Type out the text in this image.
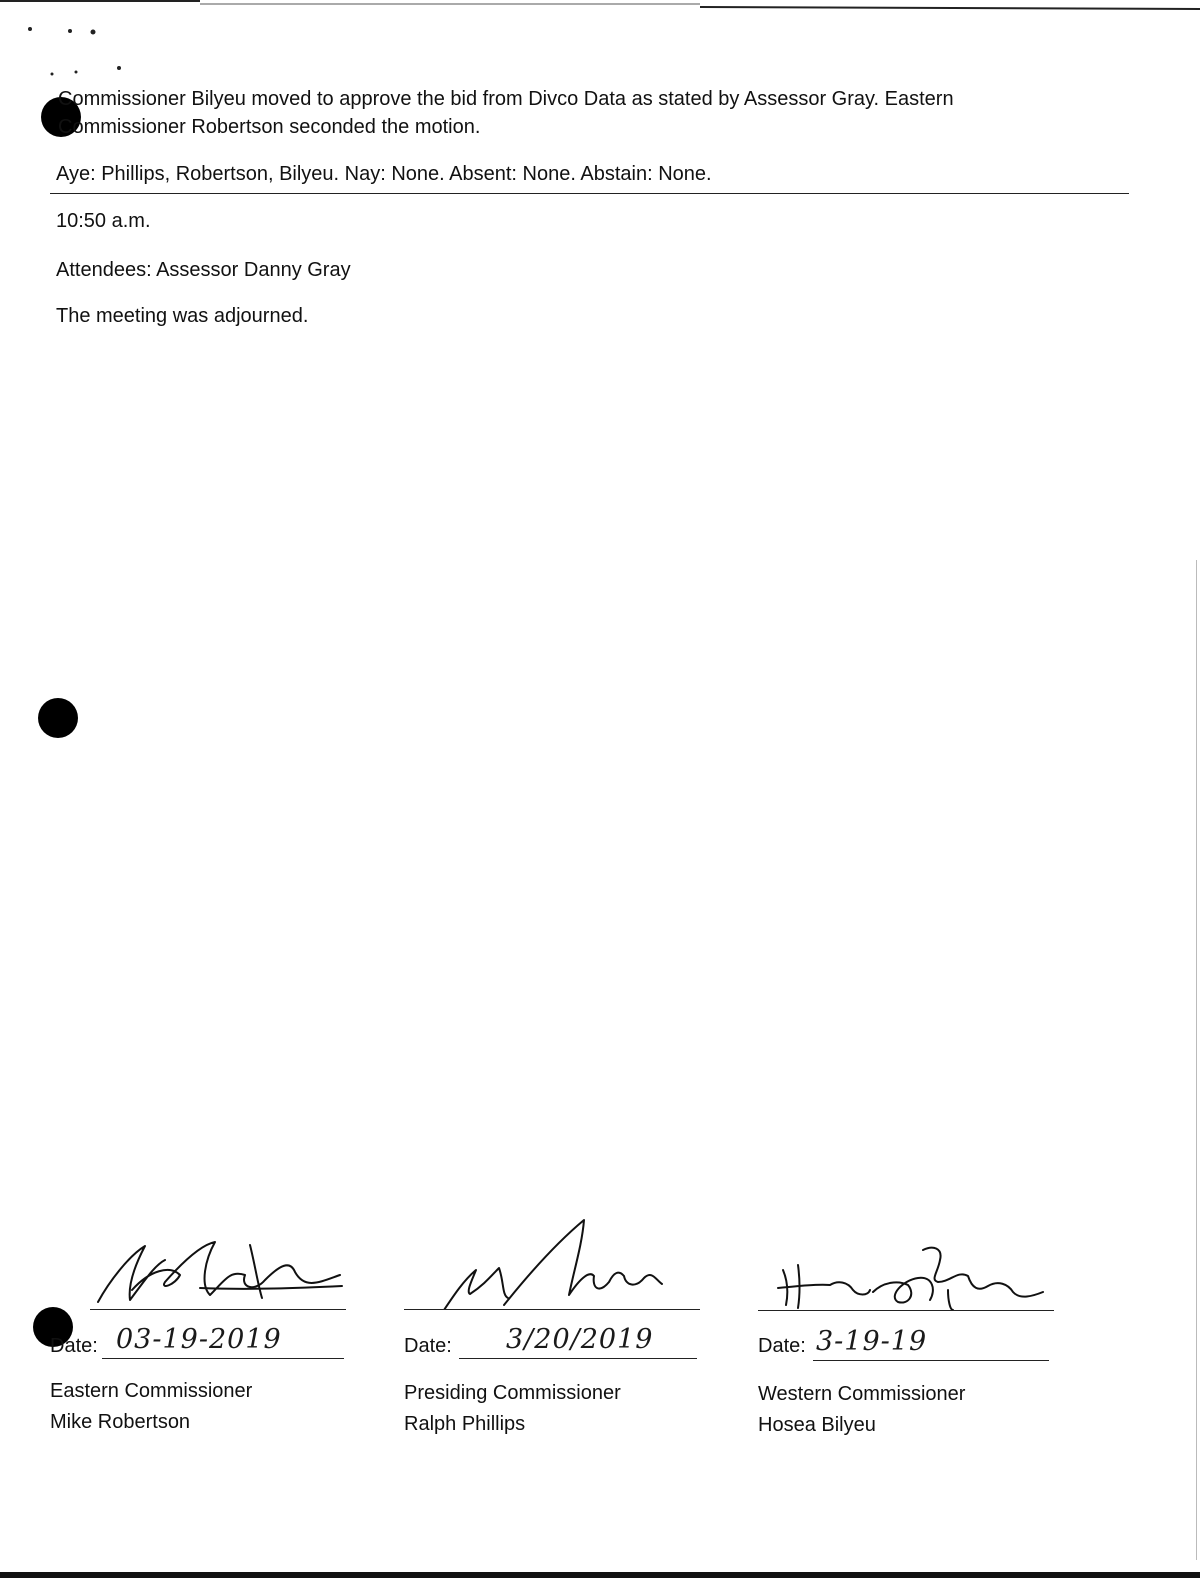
Commissioner Bilyeu moved to approve the bid from Divco Data as stated by Assessor Gray. Eastern
Commissioner Robertson seconded the motion.
Aye: Phillips, Robertson, Bilyeu. Nay: None. Absent: None. Abstain: None.
10:50 a.m.
Attendees: Assessor Danny Gray
The meeting was adjourned.
Date: 03-19-2019
Eastern Commissioner
Mike Robertson
Date: 3/20/2019
Presiding Commissioner
Ralph Phillips
Date: 3-19-19
Western Commissioner
Hosea Bilyeu
